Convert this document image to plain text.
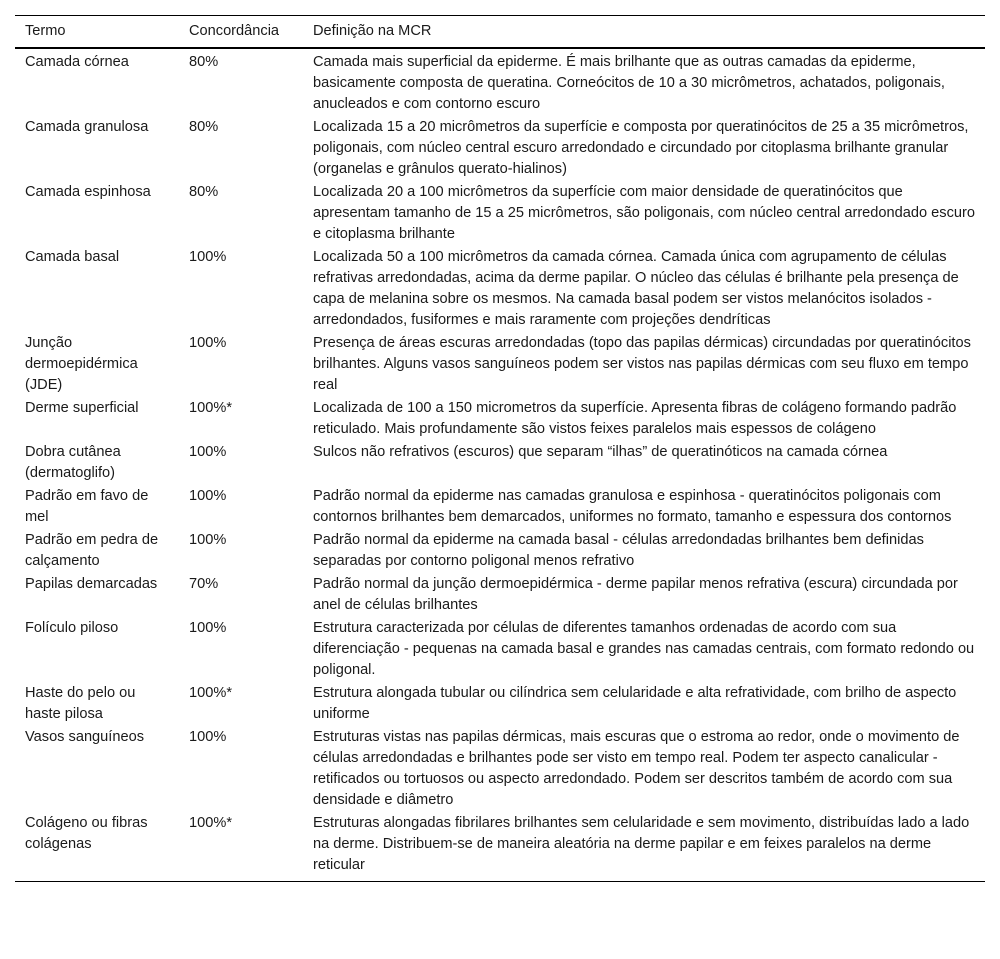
Termo	Concordância	Definição na MCR
Camada córnea	80%	Camada mais superficial da epiderme. É mais brilhante que as outras camadas da epiderme, basicamente composta de queratina. Corneócitos de 10 a 30 micrômetros, achatados, poligonais, anucleados e com contorno escuro
Camada granulosa	80%	Localizada 15 a 20 micrômetros da superfície e composta por queratinócitos de 25 a 35 micrômetros, poligonais, com núcleo central escuro arredondado e circundado por citoplasma brilhante granular (organelas e grânulos querato-hialinos)
Camada espinhosa	80%	Localizada 20 a 100 micrômetros da superfície com maior densidade de queratinócitos que apresentam tamanho de 15 a 25 micrômetros, são poligonais, com núcleo central arredondado escuro e citoplasma brilhante
Camada basal	100%	Localizada 50 a 100 micrômetros da camada córnea. Camada única com agrupamento de células refrativas arredondadas, acima da derme papilar. O núcleo das células é brilhante pela presença de capa de melanina sobre os mesmos. Na camada basal podem ser vistos melanócitos isolados - arredondados, fusiformes e mais raramente com projeções dendríticas
Junção dermoepidérmica (JDE)	100%	Presença de áreas escuras arredondadas (topo das papilas dérmicas) circundadas por queratinócitos brilhantes. Alguns vasos sanguíneos podem ser vistos nas papilas dérmicas com seu fluxo em tempo real
Derme superficial	100%*	Localizada de 100 a 150 micrometros da superfície. Apresenta fibras de colágeno formando padrão reticulado. Mais profundamente são vistos feixes paralelos mais espessos de colágeno
Dobra cutânea (dermatoglifo)	100%	Sulcos não refrativos (escuros) que separam “ilhas” de queratinóticos na camada córnea
Padrão em favo de mel	100%	Padrão normal da epiderme nas camadas granulosa e espinhosa - queratinócitos poligonais com contornos brilhantes bem demarcados, uniformes no formato, tamanho e espessura dos contornos
Padrão em pedra de calçamento	100%	Padrão normal da epiderme na camada basal - células arredondadas brilhantes bem definidas separadas por contorno poligonal menos refrativo
Papilas demarcadas	70%	Padrão normal da junção dermoepidérmica - derme papilar menos refrativa (escura) circundada por anel de células brilhantes
Folículo piloso	100%	Estrutura caracterizada por células de diferentes tamanhos ordenadas de acordo com sua diferenciação - pequenas na camada basal e grandes nas camadas centrais, com formato redondo ou poligonal.
Haste do pelo ou haste pilosa	100%*	Estrutura alongada tubular ou cilíndrica sem celularidade e alta refratividade, com brilho de aspecto uniforme
Vasos sanguíneos	100%	Estruturas vistas nas papilas dérmicas, mais escuras que o estroma ao redor, onde o movimento de células arredondadas e brilhantes pode ser visto em tempo real. Podem ter aspecto canalicular - retificados ou tortuosos ou aspecto arredondado. Podem ser descritos também de acordo com sua densidade e diâmetro
Colágeno ou fibras colágenas	100%*	Estruturas alongadas fibrilares brilhantes sem celularidade e sem movimento, distribuídas lado a lado na derme. Distribuem-se de maneira aleatória na derme papilar e em feixes paralelos na derme reticular
